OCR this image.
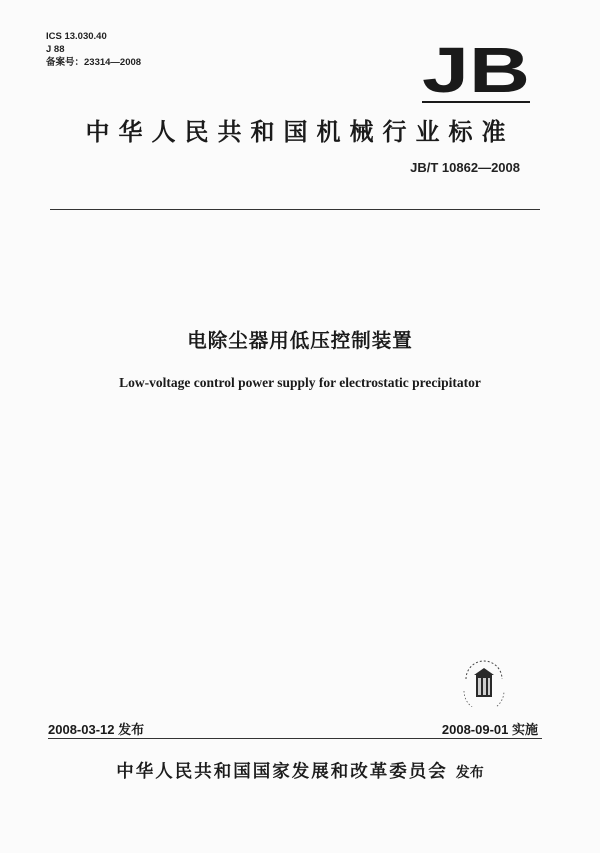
ICS 13.030.40
J 88
备案号：23314—2008	JB
中华人民共和国机械行业标准
JB/T 10862—2008
电除尘器用低压控制装置
Low-voltage control power supply for electrostatic precipitator
2008-03-12 发布	2008-09-01 实施
中华人民共和国国家发展和改革委员会 发布
